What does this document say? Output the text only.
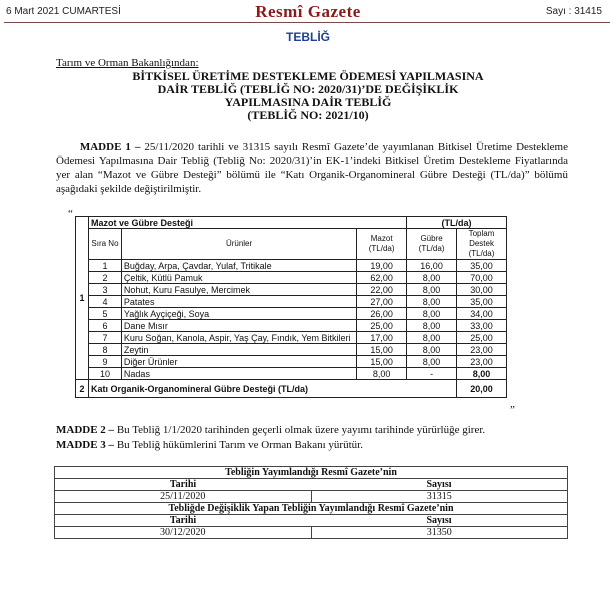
6 Mart 2021 CUMARTESİ	Resmî Gazete	Sayı : 31415
TEBLİĞ
Tarım ve Orman Bakanlığından:
BİTKİSEL ÜRETİME DESTEKLEME ÖDEMESİ YAPILMASINA
DAİR TEBLİĞ (TEBLİĞ NO: 2020/31)’DE DEĞİŞİKLİK
YAPILMASINA DAİR TEBLİĞ
(TEBLİĞ NO: 2021/10)
MADDE 1 – 25/11/2020 tarihli ve 31315 sayılı Resmî Gazete’de yayımlanan Bitkisel Üretime Destekleme Ödemesi Yapılmasına Dair Tebliğ (Tebliğ No: 2020/31)’in EK-1’indeki Bitkisel Üretim Destekleme Fiyatlarında yer alan “Mazot ve Gübre Desteği” bölümü ile “Katı Organik-Organomineral Gübre Desteği (TL/da)” bölümü aşağıdaki şekilde değiştirilmiştir.
“
1	Mazot ve Gübre Desteği			(TL/da)	
	Sıra No	Ürünler	Mazot (TL/da)	Gübre (TL/da)	Toplam Destek (TL/da)
	1	Buğday, Arpa, Çavdar, Yulaf, Tritikale	19,00	16,00	35,00
	2	Çeltik, Kütlü Pamuk	62,00	8,00	70,00
	3	Nohut, Kuru Fasulye, Mercimek	22,00	8,00	30,00
	4	Patates	27,00	8,00	35,00
	5	Yağlık Ayçiçeği, Soya	26,00	8,00	34,00
	6	Dane Mısır	25,00	8,00	33,00
	7	Kuru Soğan, Kanola, Aspir, Yaş Çay, Fındık, Yem Bitkileri	17,00	8,00	25,00
	8	Zeytin	15,00	8,00	23,00
	9	Diğer Ürünler	15,00	8,00	23,00
	10	Nadas	8,00	-	8,00
2	Katı Organik-Organomineral Gübre Desteği (TL/da)				20,00
”
MADDE 2 – Bu Tebliğ 1/1/2020 tarihinden geçerli olmak üzere yayımı tarihinde yürürlüğe girer.
MADDE 3 – Bu Tebliğ hükümlerini Tarım ve Orman Bakanı yürütür.
Tebliğin Yayımlandığı Resmî Gazete’nin	
Tarihi	Sayısı
25/11/2020	31315
Tebliğde Değişiklik Yapan Tebliğin Yayımlandığı Resmî Gazete’nin	
Tarihi	Sayısı
30/12/2020	31350
